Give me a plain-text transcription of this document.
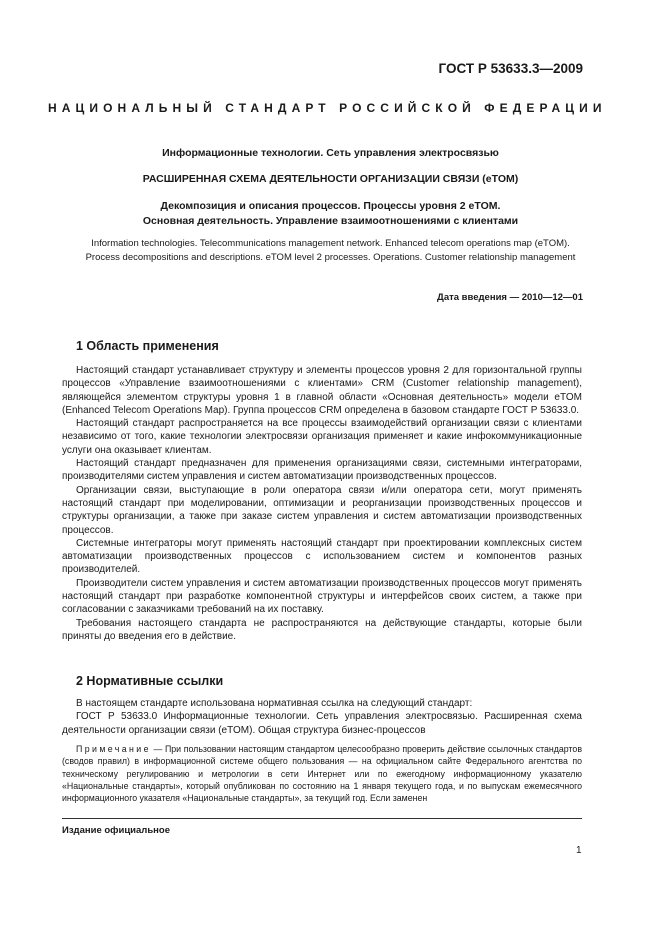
ГОСТ Р 53633.3—2009
НАЦИОНАЛЬНЫЙ СТАНДАРТ РОССИЙСКОЙ ФЕДЕРАЦИИ
Информационные технологии. Сеть управления электросвязью
РАСШИРЕННАЯ СХЕМА ДЕЯТЕЛЬНОСТИ ОРГАНИЗАЦИИ СВЯЗИ (eTOM)
Декомпозиция и описания процессов. Процессы уровня 2 eTOM.
Основная деятельность. Управление взаимоотношениями с клиентами
Information technologies. Telecommunications management network. Enhanced telecom operations map (eTOM).
Process decompositions and descriptions. eTOM level 2 processes. Operations. Customer relationship management
Дата введения — 2010—12—01
1 Область применения

Настоящий стандарт устанавливает структуру и элементы процессов уровня 2 для горизонтальной группы процессов «Управление взаимоотношениями с клиентами» CRM (Customer relationship management), являющейся элементом структуры уровня 1 в главной области «Основная деятельность» модели eTOM (Enhanced Telecom Operations Map). Группа процессов CRM определена в базовом стандарте ГОСТ Р 53633.0.

Настоящий стандарт распространяется на все процессы взаимодействий организации связи с клиентами независимо от того, какие технологии электросвязи организация применяет и какие инфокоммуникационные услуги она оказывает клиентам.

Настоящий стандарт предназначен для применения организациями связи, системными интеграторами, производителями систем управления и систем автоматизации производственных процессов.

Организации связи, выступающие в роли оператора связи и/или оператора сети, могут применять настоящий стандарт при моделировании, оптимизации и реорганизации производственных процессов и структуры организации, а также при заказе систем управления и систем автоматизации производственных процессов.

Системные интеграторы могут применять настоящий стандарт при проектировании комплексных систем автоматизации производственных процессов с использованием систем и компонентов разных производителей.

Производители систем управления и систем автоматизации производственных процессов могут применять настоящий стандарт при разработке компонентной структуры и интерфейсов своих систем, а также при согласовании с заказчиками требований на их поставку.

Требования настоящего стандарта не распространяются на действующие стандарты, которые были приняты до введения его в действие.

2 Нормативные ссылки

В настоящем стандарте использована нормативная ссылка на следующий стандарт:

ГОСТ Р 53633.0 Информационные технологии. Сеть управления электросвязью. Расширенная схема деятельности организации связи (eTOM). Общая структура бизнес-процессов

Примечание — При пользовании настоящим стандартом целесообразно проверить действие ссылочных стандартов (сводов правил) в информационной системе общего пользования — на официальном сайте Федерального агентства по техническому регулированию и метрологии в сети Интернет или по ежегодному информационному указателю «Национальные стандарты», который опубликован по состоянию на 1 января текущего года, и по выпускам ежемесячного информационного указателя «Национальные стандарты», за текущий год. Если заменен

Издание официальное
1
